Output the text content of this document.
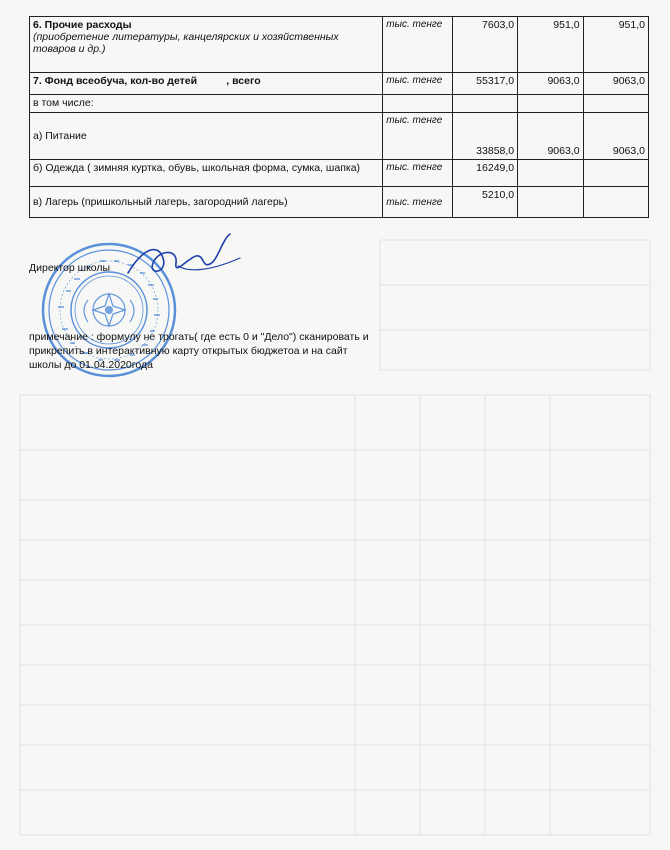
6. Прочие расходы
(приобретение литературы, канцелярских и хозяйственных товаров и др.)	тыс. тенге	7603,0	951,0	951,0
7. Фонд всеобуча, кол-во детей          , всего	тыс. тенге	55317,0	9063,0	9063,0
в том числе:				
а) Питание	тыс. тенге	33858,0	9063,0	9063,0
б) Одежда ( зимняя куртка, обувь, школьная форма, сумка, шапка)	тыс. тенге	16249,0		
в) Лагерь (пришкольный лагерь, загородний лагерь)	тыс. тенге	5210,0		
Директор школы
примечание : формулу не трогать( где есть 0 и "Дело") сканировать и прикрепить в интерактивную карту открытых бюджетоа и на сайт школы до 01.04.2020года
